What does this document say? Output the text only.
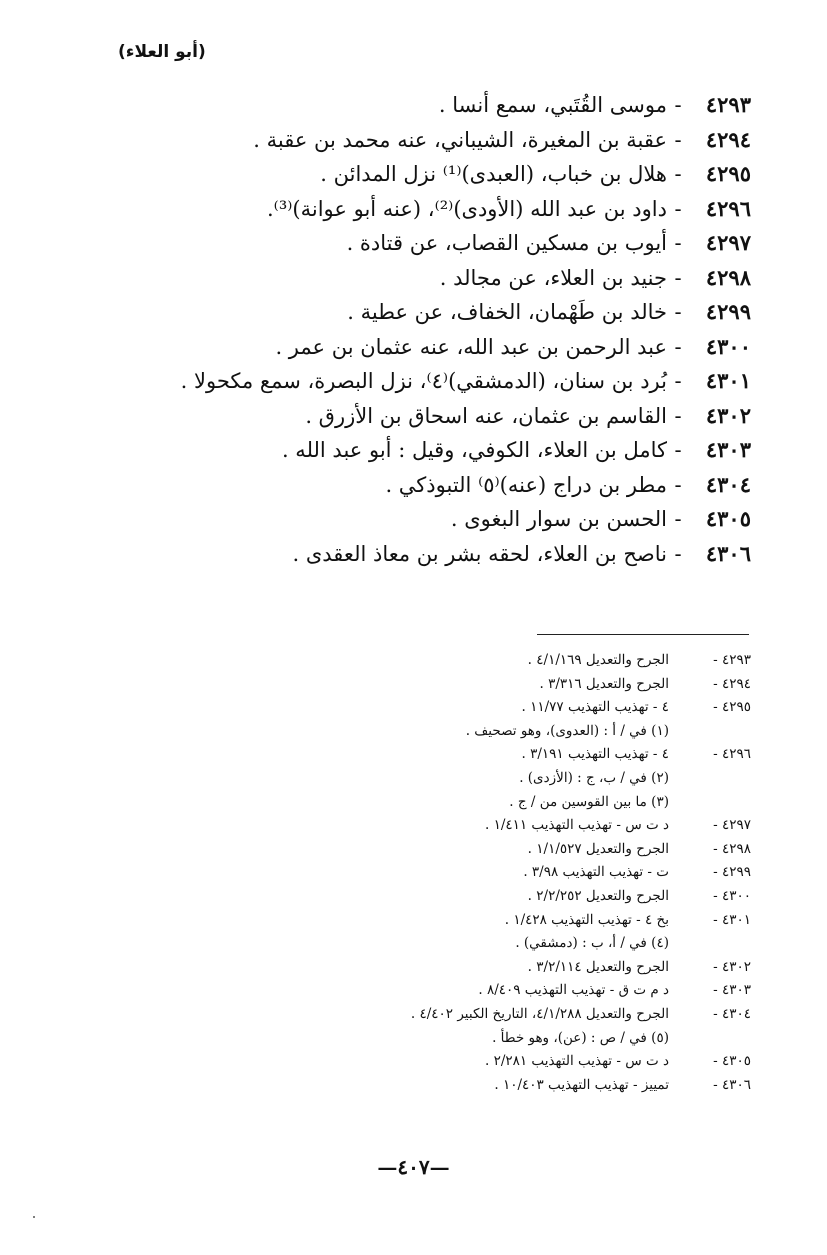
(أبو العلاء)
٤٢٩٣
-
موسى القُتَبي، سمع أنسا .
٤٢٩٤
-
عقبة بن المغيرة، الشيباني، عنه محمد بن عقبة .
٤٢٩٥
-
هلال بن خباب، (العبدى)⁽¹⁾ نزل المدائن .
٤٢٩٦
-
داود بن عبد الله (الأودى)⁽²⁾، (عنه أبو عوانة)⁽³⁾.
٤٢٩٧
-
أيوب بن مسكين القصاب، عن قتادة .
٤٢٩٨
-
جنيد بن العلاء، عن مجالد .
٤٢٩٩
-
خالد بن طَهْمان، الخفاف، عن عطية .
٤٣٠٠
-
عبد الرحمن بن عبد الله، عنه عثمان بن عمر .
٤٣٠١
-
بُرد بن سنان، (الدمشقي)⁽٤⁾، نزل البصرة، سمع مكحولا .
٤٣٠٢
-
القاسم بن عثمان، عنه اسحاق بن الأزرق .
٤٣٠٣
-
كامل بن العلاء، الكوفي، وقيل : أبو عبد الله .
٤٣٠٤
-
مطر بن دراج (عنه)⁽٥⁾ التبوذكي .
٤٣٠٥
-
الحسن بن سوار البغوى .
٤٣٠٦
-
ناصح بن العلاء، لحقه بشر بن معاذ العقدى .
٤٢٩٣ -
الجرح والتعديل ٤/١/١٦٩ .
٤٢٩٤ -
الجرح والتعديل ٣/٣١٦ .
٤٢٩٥ -
٤ - تهذيب التهذيب ١١/٧٧ .
(١) في / أ : (العدوى)، وهو تصحيف .
٤٢٩٦ -
٤ - تهذيب التهذيب ٣/١٩١ .
(٢) في / ب، ج : (الأزدى) .
(٣) ما بين القوسين من / ج .
٤٢٩٧ -
د ت س - تهذيب التهذيب ١/٤١١ .
٤٢٩٨ -
الجرح والتعديل ١/١/٥٢٧ .
٤٢٩٩ -
ت - تهذيب التهذيب ٣/٩٨ .
٤٣٠٠ -
الجرح والتعديل ٢/٢/٢٥٢ .
٤٣٠١ -
بخ ٤ - تهذيب التهذيب ١/٤٢٨ .
(٤) في / أ، ب : (دمشقي) .
٤٣٠٢ -
الجرح والتعديل ٣/٢/١١٤ .
٤٣٠٣ -
د م ت ق - تهذيب التهذيب ٨/٤٠٩ .
٤٣٠٤ -
الجرح والتعديل ٤/١/٢٨٨، التاريخ الكبير ٤/٤٠٢ .
(٥) في / ص : (عن)، وهو خطأ .
٤٣٠٥ -
د ت س - تهذيب التهذيب ٢/٢٨١ .
٤٣٠٦ -
تمييز - تهذيب التهذيب ١٠/٤٠٣ .
—٤٠٧—
